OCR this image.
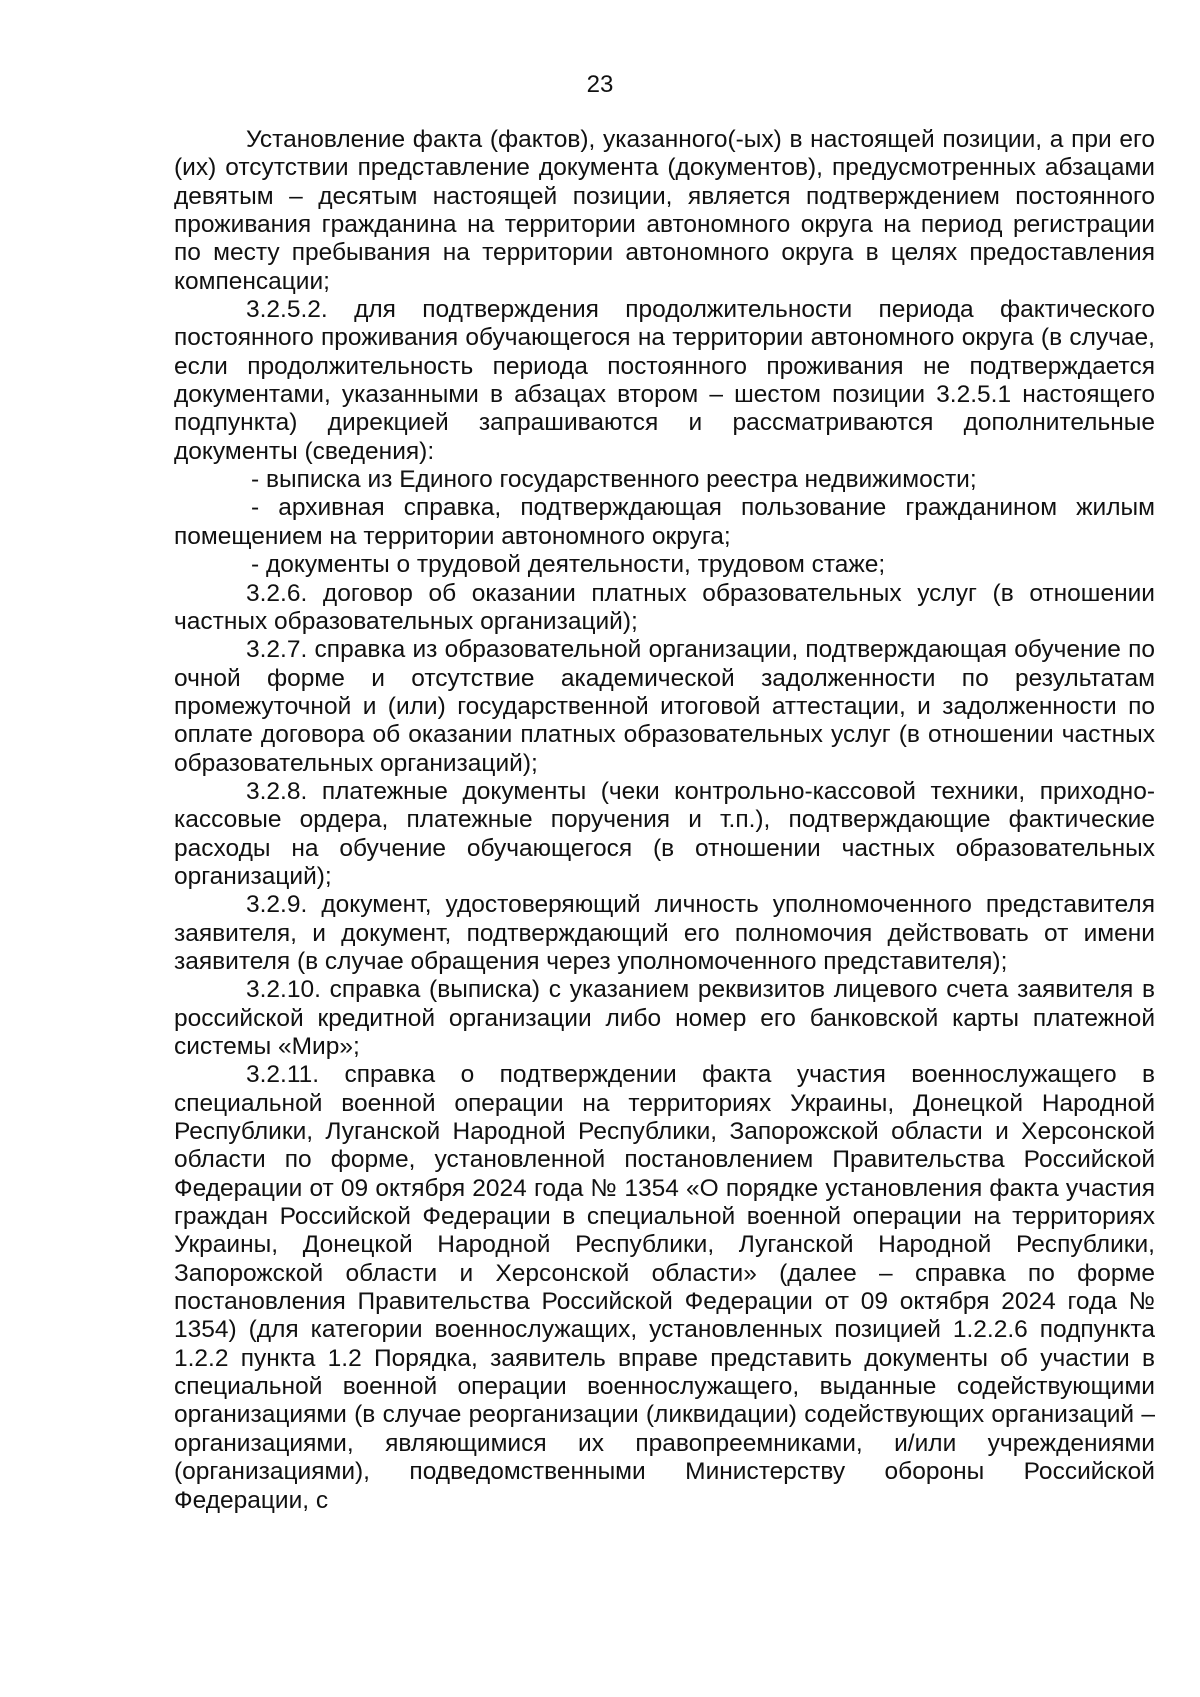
23

Установление факта (фактов), указанного(-ых) в настоящей позиции, а при его (их) отсутствии представление документа (документов), предусмотренных абзацами девятым – десятым настоящей позиции, является подтверждением постоянного проживания гражданина на территории автономного округа на период регистрации по месту пребывания на территории автономного округа в целях предоставления компенсации;

3.2.5.2. для подтверждения продолжительности периода фактического постоянного проживания обучающегося на территории автономного округа (в случае, если продолжительность периода постоянного проживания не подтверждается документами, указанными в абзацах втором – шестом позиции 3.2.5.1 настоящего подпункта) дирекцией запрашиваются и рассматриваются дополнительные документы (сведения):

- выписка из Единого государственного реестра недвижимости;

- архивная справка, подтверждающая пользование гражданином жилым помещением на территории автономного округа;

- документы о трудовой деятельности, трудовом стаже;

3.2.6. договор об оказании платных образовательных услуг (в отношении частных образовательных организаций);

3.2.7. справка из образовательной организации, подтверждающая обучение по очной форме и отсутствие академической задолженности по результатам промежуточной и (или) государственной итоговой аттестации, и задолженности по оплате договора об оказании платных образовательных услуг (в отношении частных образовательных организаций);

3.2.8. платежные документы (чеки контрольно-кассовой техники, приходно-кассовые ордера, платежные поручения и т.п.), подтверждающие фактические расходы на обучение обучающегося (в отношении частных образовательных организаций);

3.2.9. документ, удостоверяющий личность уполномоченного представителя заявителя, и документ, подтверждающий его полномочия действовать от имени заявителя (в случае обращения через уполномоченного представителя);

3.2.10. справка (выписка) с указанием реквизитов лицевого счета заявителя в российской кредитной организации либо номер его банковской карты платежной системы «Мир»;

3.2.11. справка о подтверждении факта участия военнослужащего в специальной военной операции на территориях Украины, Донецкой Народной Республики, Луганской Народной Республики, Запорожской области и Херсонской области по форме, установленной постановлением Правительства Российской Федерации от 09 октября 2024 года № 1354 «О порядке установления факта участия граждан Российской Федерации в специальной военной операции на территориях Украины, Донецкой Народной Республики, Луганской Народной Республики, Запорожской области и Херсонской области» (далее – справка по форме постановления Правительства Российской Федерации от 09 октября 2024 года № 1354) (для категории военнослужащих, установленных позицией 1.2.2.6 подпункта 1.2.2 пункта 1.2 Порядка, заявитель вправе представить документы об участии в специальной военной операции военнослужащего, выданные содействующими организациями (в случае реорганизации (ликвидации) содействующих организаций – организациями, являющимися их правопреемниками, и/или учреждениями (организациями), подведомственными Министерству обороны Российской Федерации, с
